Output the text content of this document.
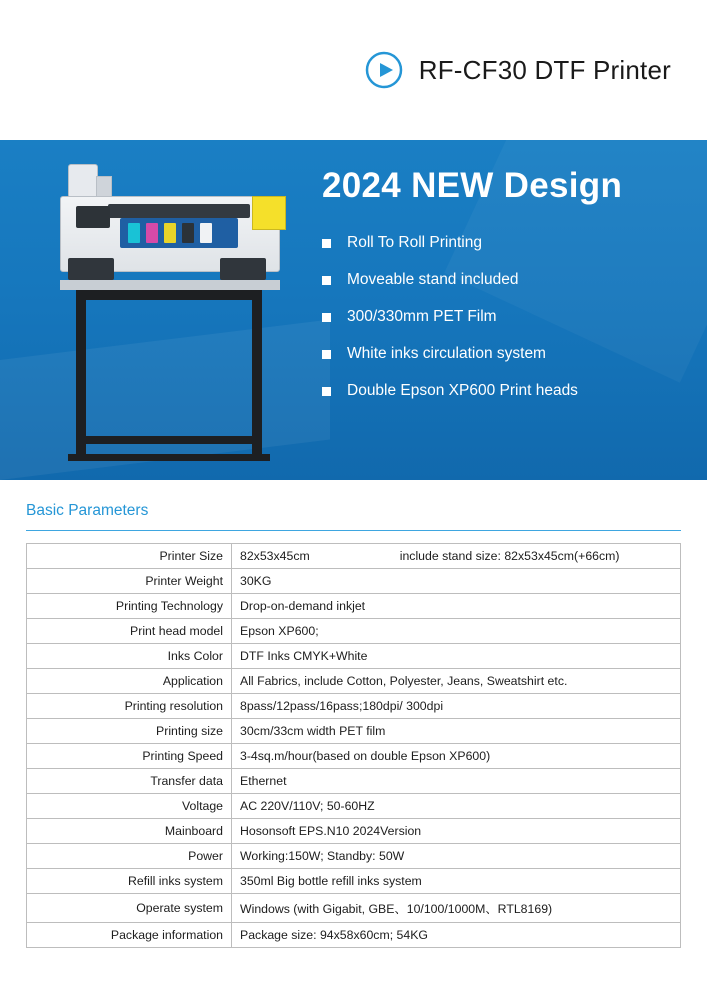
RF-CF30 DTF Printer
2024 NEW Design
Roll To Roll Printing
Moveable stand included
300/330mm PET Film
White inks circulation system
Double Epson XP600 Print heads
Basic Parameters
Printer Size	82x53x45cm include stand size: 82x53x45cm(+66cm)
Printer Weight	30KG
Printing Technology	Drop-on-demand inkjet
Print head model	Epson XP600;
Inks Color	DTF Inks CMYK+White
Application	All Fabrics, include Cotton, Polyester, Jeans, Sweatshirt etc.
Printing resolution	8pass/12pass/16pass;180dpi/ 300dpi
Printing size	30cm/33cm width PET film
Printing Speed	3-4sq.m/hour(based on double Epson XP600)
Transfer data	Ethernet
Voltage	AC 220V/110V; 50-60HZ
Mainboard	Hosonsoft EPS.N10 2024Version
Power	Working:150W; Standby: 50W
Refill inks system	350ml Big bottle refill inks system
Operate system	Windows (with Gigabit, GBE、10/100/1000M、RTL8169)
Package information	Package size: 94x58x60cm; 54KG
